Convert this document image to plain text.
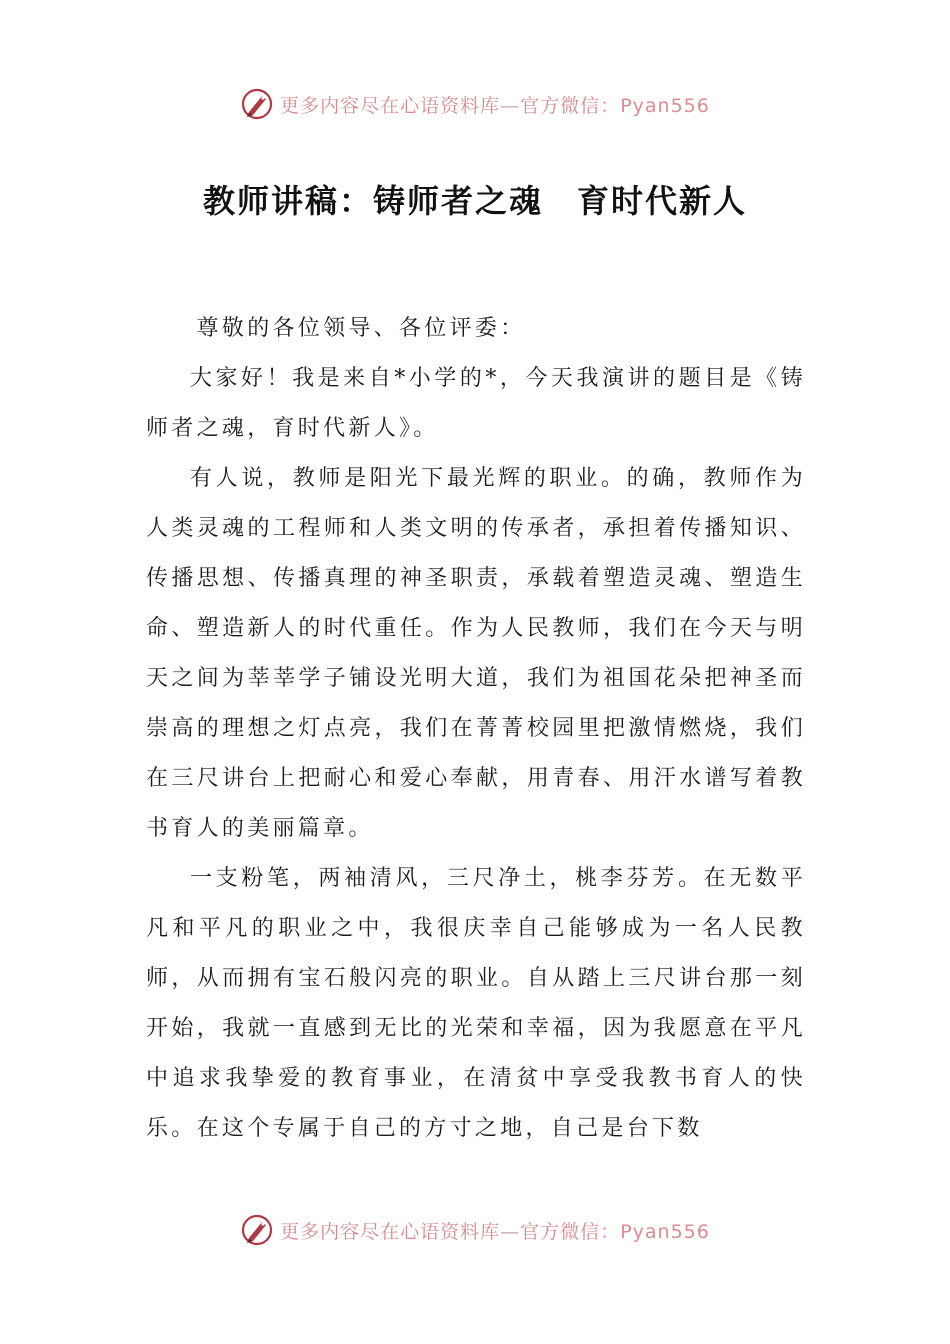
更多内容尽在心语资料库—官方微信：Pyan556
教师讲稿：铸师者之魂　育时代新人

尊敬的各位领导、各位评委：

大家好！我是来自*小学的*，今天我演讲的题目是《铸师者之魂，育时代新人》。

有人说，教师是阳光下最光辉的职业。的确，教师作为人类灵魂的工程师和人类文明的传承者，承担着传播知识、传播思想、传播真理的神圣职责，承载着塑造灵魂、塑造生命、塑造新人的时代重任。作为人民教师，我们在今天与明天之间为莘莘学子铺设光明大道，我们为祖国花朵把神圣而崇高的理想之灯点亮，我们在菁菁校园里把激情燃烧，我们在三尺讲台上把耐心和爱心奉献，用青春、用汗水谱写着教书育人的美丽篇章。

一支粉笔，两袖清风，三尺净土，桃李芬芳。在无数平凡和平凡的职业之中，我很庆幸自己能够成为一名人民教师，从而拥有宝石般闪亮的职业。自从踏上三尺讲台那一刻开始，我就一直感到无比的光荣和幸福，因为我愿意在平凡中追求我挚爱的教育事业，在清贫中享受我教书育人的快乐。在这个专属于自己的方寸之地，自己是台下数

更多内容尽在心语资料库—官方微信：Pyan556
